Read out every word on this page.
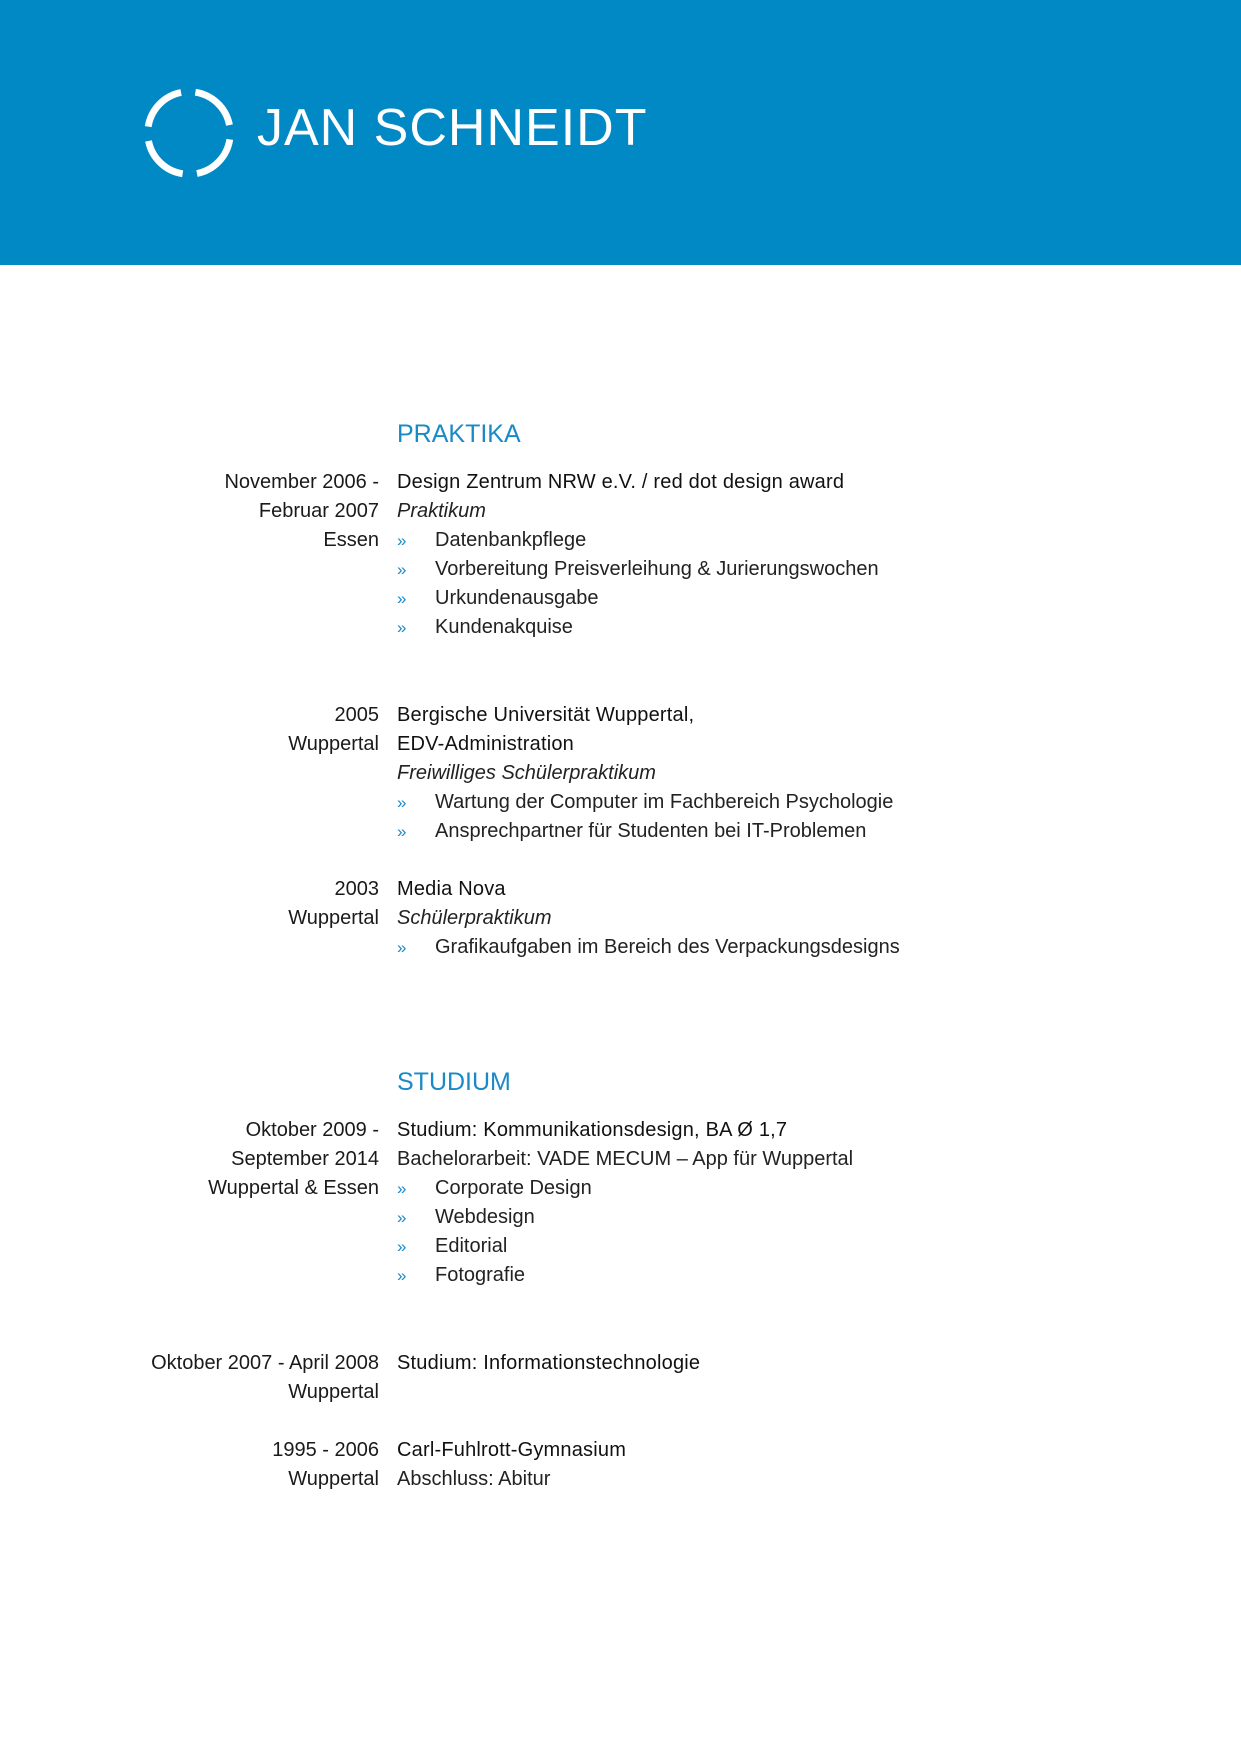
JAN SCHNEIDT
PRAKTIKA
November 2006 -
Februar 2007
Essen
Design Zentrum NRW e.V. / red dot design award
Praktikum
» Datenbankpflege
» Vorbereitung Preisverleihung & Jurierungswochen
» Urkundenausgabe
» Kundenakquise
2005
Wuppertal
Bergische Universität Wuppertal,
EDV-Administration
Freiwilliges Schülerpraktikum
» Wartung der Computer im Fachbereich Psychologie
» Ansprechpartner für Studenten bei IT-Problemen
2003
Wuppertal
Media Nova
Schülerpraktikum
» Grafikaufgaben im Bereich des Verpackungsdesigns
STUDIUM
Oktober 2009 -
September 2014
Wuppertal & Essen
Studium: Kommunikationsdesign, BA Ø 1,7
Bachelorarbeit: VADE MECUM – App für Wuppertal
» Corporate Design
» Webdesign
» Editorial
» Fotografie
Oktober 2007 - April 2008
Wuppertal
Studium: Informationstechnologie
1995 - 2006
Wuppertal
Carl-Fuhlrott-Gymnasium
Abschluss: Abitur
